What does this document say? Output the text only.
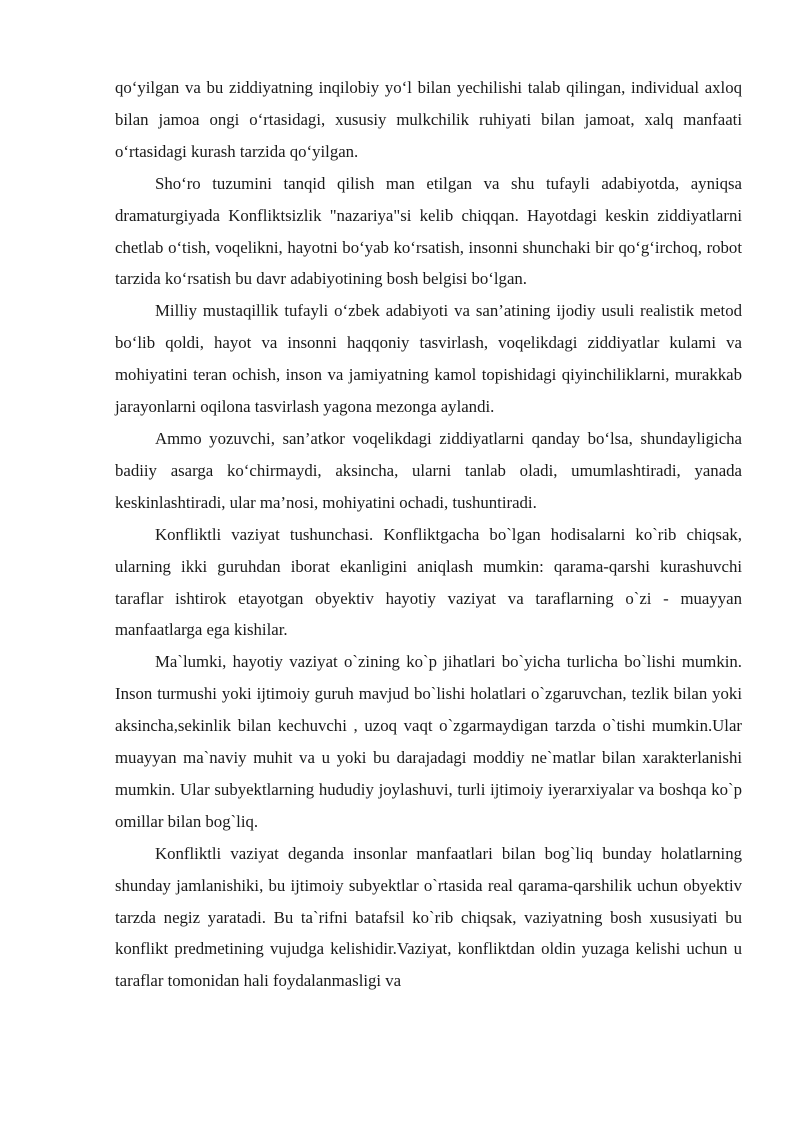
qo‘yilgan va bu ziddiyatning inqilobiy yo‘l bilan yechilishi talab qilingan, individual axloq bilan jamoa ongi o‘rtasidagi, xususiy mulkchilik ruhiyati bilan jamoat, xalq manfaati o‘rtasidagi kurash tarzida qo‘yilgan.

Sho‘ro tuzumini tanqid qilish man etilgan va shu tufayli adabiyotda, ayniqsa dramaturgiyada Konfliktsizlik "nazariya"si kelib chiqqan. Hayotdagi keskin ziddiyatlarni chetlab o‘tish, voqelikni, hayotni bo‘yab ko‘rsatish, insonni shunchaki bir qo‘g‘irchoq, robot tarzida ko‘rsatish bu davr adabiyotining bosh belgisi bo‘lgan.

Milliy mustaqillik tufayli o‘zbek adabiyoti va san’atining ijodiy usuli realistik metod bo‘lib qoldi, hayot va insonni haqqoniy tasvirlash, voqelikdagi ziddiyatlar kulami va mohiyatini teran ochish, inson va jamiyatning kamol topishidagi qiyinchiliklarni, murakkab jarayonlarni oqilona tasvirlash yagona mezonga aylandi.

Ammo yozuvchi, san’atkor voqelikdagi ziddiyatlarni qanday bo‘lsa, shundayligicha badiiy asarga ko‘chirmaydi, aksincha, ularni tanlab oladi, umumlashtiradi, yanada keskinlashtiradi, ular ma’nosi, mohiyatini ochadi, tushuntiradi.

Konfliktli vaziyat tushunchasi. Konfliktgacha bo`lgan hodisalarni ko`rib chiqsak, ularning ikki guruhdan iborat ekanligini aniqlash mumkin: qarama-qarshi kurashuvchi taraflar ishtirok etayotgan obyektiv hayotiy vaziyat va taraflarning o`zi - muayyan manfaatlarga ega kishilar.

Ma`lumki, hayotiy vaziyat o`zining ko`p jihatlari bo`yicha turlicha bo`lishi mumkin. Inson turmushi yoki ijtimoiy guruh mavjud bo`lishi holatlari o`zgaruvchan, tezlik bilan yoki aksincha,sekinlik bilan kechuvchi , uzoq vaqt o`zgarmaydigan tarzda o`tishi mumkin.Ular muayyan ma`naviy muhit va u yoki bu darajadagi moddiy ne`matlar bilan xarakterlanishi mumkin. Ular subyektlarning hududiy joylashuvi, turli ijtimoiy iyerarxiyalar va boshqa ko`p omillar bilan bog`liq.

Konfliktli vaziyat deganda insonlar manfaatlari bilan bog`liq bunday holatlarning shunday jamlanishiki, bu ijtimoiy subyektlar o`rtasida real qarama-qarshilik uchun obyektiv tarzda negiz yaratadi. Bu ta`rifni batafsil ko`rib chiqsak, vaziyatning bosh xususiyati bu konflikt predmetining vujudga kelishidir.Vaziyat, konfliktdan oldin yuzaga kelishi uchun u taraflar tomonidan hali foydalanmasligi va
